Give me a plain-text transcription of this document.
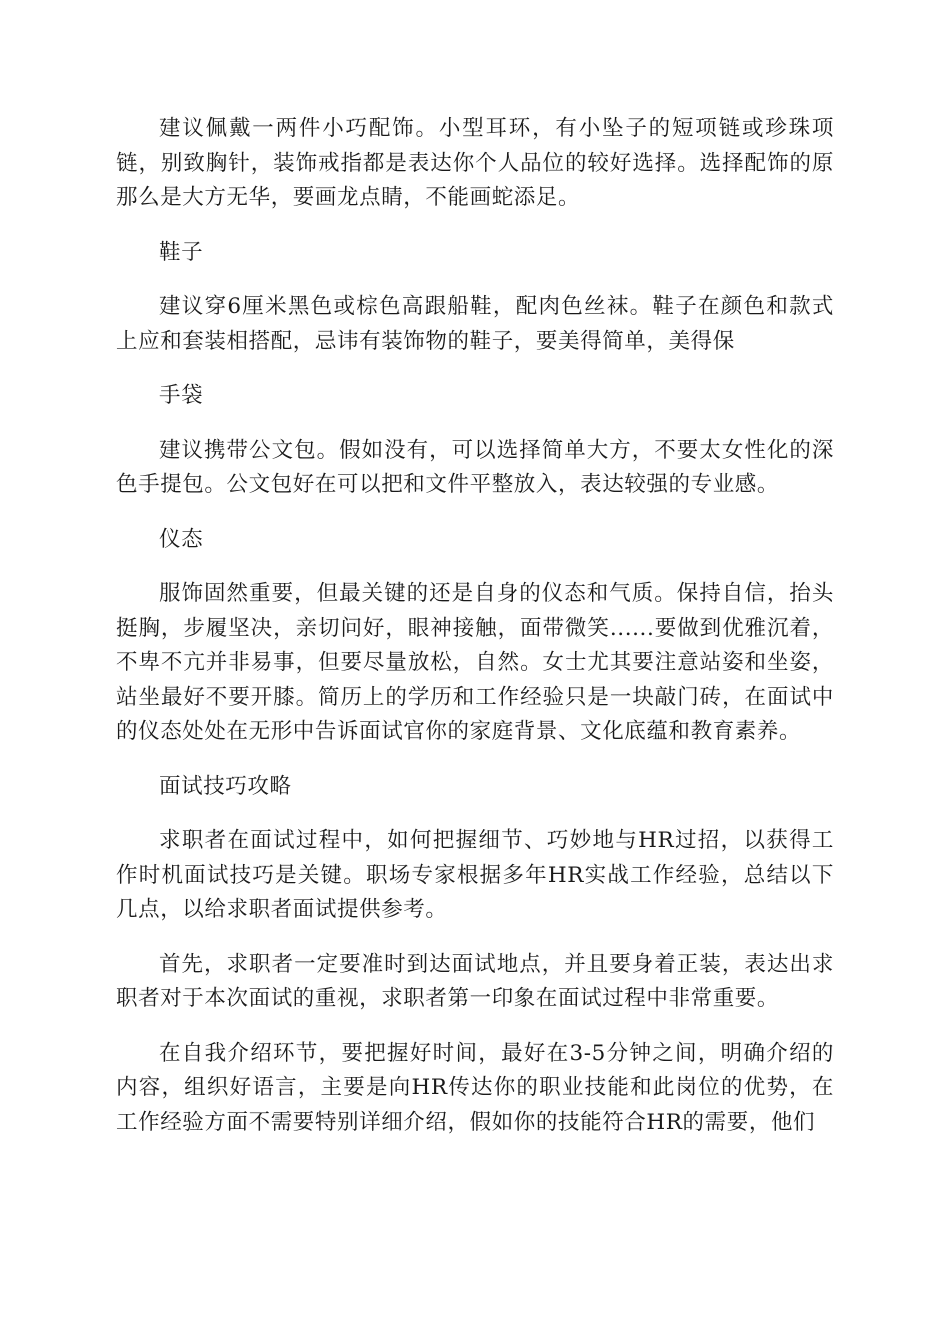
建议佩戴一两件小巧配饰。小型耳环，有小坠子的短项链或珍珠项链，别致胸针，装饰戒指都是表达你个人品位的较好选择。选择配饰的原那么是大方无华，要画龙点睛，不能画蛇添足。

鞋子

建议穿6厘米黑色或棕色高跟船鞋，配肉色丝袜。鞋子在颜色和款式上应和套装相搭配，忌讳有装饰物的鞋子，要美得简单，美得保

手袋

建议携带公文包。假如没有，可以选择简单大方，不要太女性化的深色手提包。公文包好在可以把和文件平整放入，表达较强的专业感。

仪态

服饰固然重要，但最关键的还是自身的仪态和气质。保持自信，抬头挺胸，步履坚决，亲切问好，眼神接触，面带微笑......要做到优雅沉着，不卑不亢并非易事，但要尽量放松，自然。女士尤其要注意站姿和坐姿，站坐最好不要开膝。简历上的学历和工作经验只是一块敲门砖，在面试中的仪态处处在无形中告诉面试官你的家庭背景、文化底蕴和教育素养。

面试技巧攻略

求职者在面试过程中，如何把握细节、巧妙地与HR过招，以获得工作时机面试技巧是关键。职场专家根据多年HR实战工作经验，总结以下几点，以给求职者面试提供参考。

首先，求职者一定要准时到达面试地点，并且要身着正装，表达出求职者对于本次面试的重视，求职者第一印象在面试过程中非常重要。

在自我介绍环节，要把握好时间，最好在3-5分钟之间，明确介绍的内容，组织好语言，主要是向HR传达你的职业技能和此岗位的优势，在工作经验方面不需要特别详细介绍，假如你的技能符合HR的需要，他们
